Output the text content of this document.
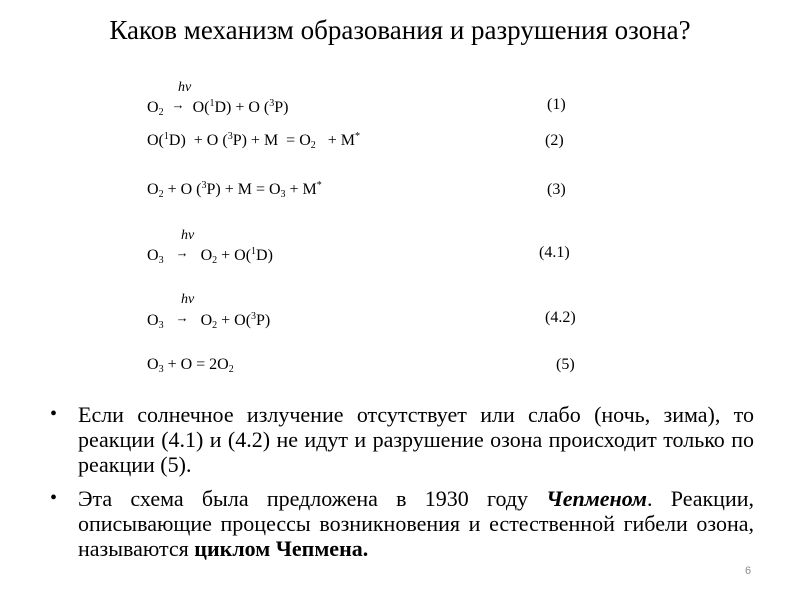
Каков механизм образования и разрушения озона?
hν
$O_2 \to O(^1D) + O$ ($^3$P)	(1)
O($^1$D)  + O $(^3P) + M = O_2 + M^*$	(2)
$O_2 + O$ $(^3P) + M = O_3 + M^*$	(3)
hν
$O_3 \to O_2 + O(^1D)$	(4.1)
hν
$O_3 \to O_2 + O(^3P)$	(4.2)
$O_3 + O = 2O_2$	(5)
• Если солнечное излучение отсутствует или слабо (ночь, зима), то реакции (4.1) и (4.2) не идут и разрушение озона происходит только по реакции (5).
• Эта схема была предложена в 1930 году Чепменом. Реакции, описывающие процессы возникновения и естественной гибели озона, называются циклом Чепмена.
6
